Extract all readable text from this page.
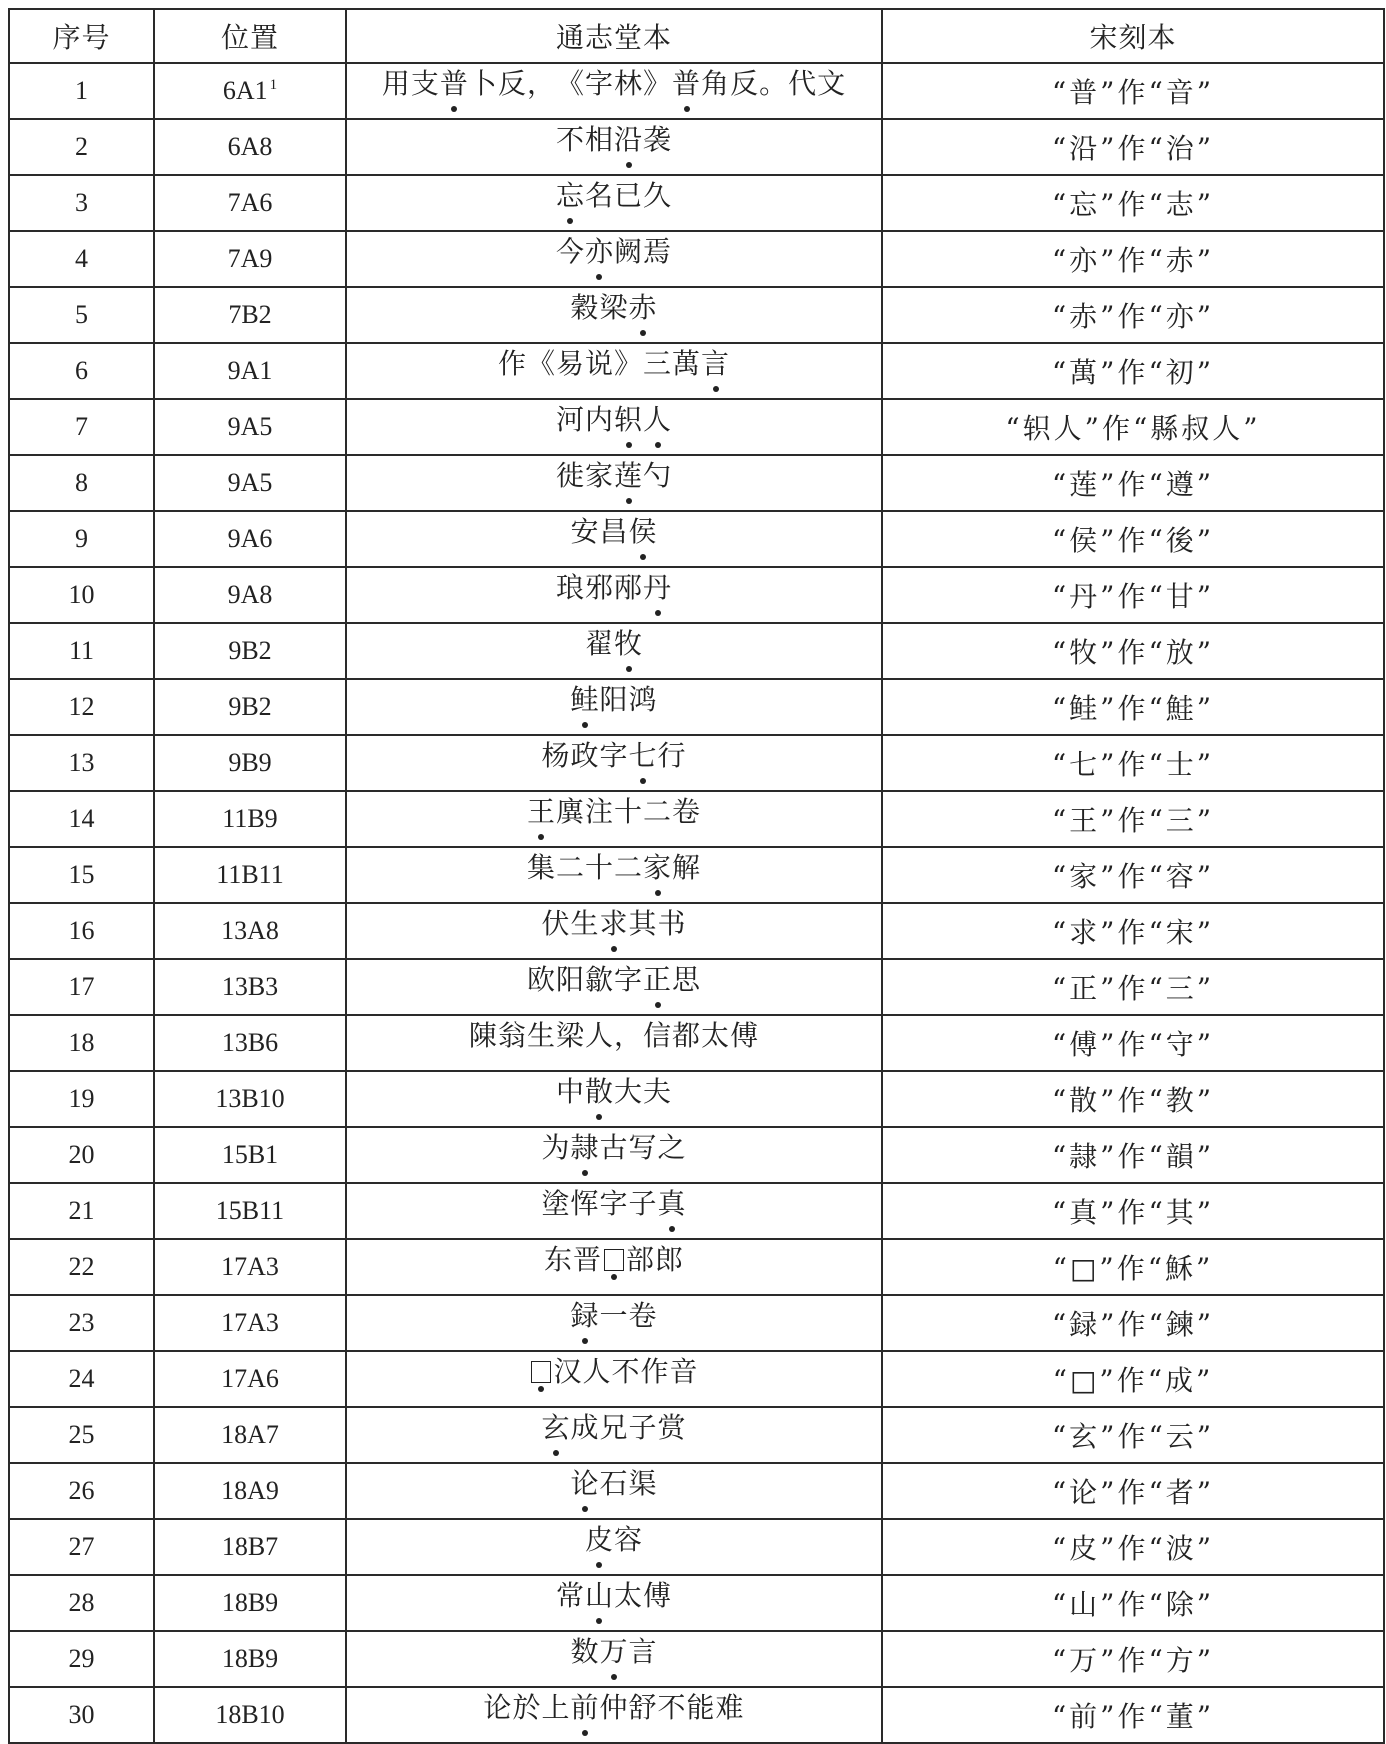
序号	位置	通志堂本	宋刻本
1	6A1 $^1$	用支普卜反，《字林》普角反。代文	“普”作“音”
2	6A8	不相沿袭	“沿”作“治”
3	7A6	忘名已久	“忘”作“志”
4	7A9	今亦阙焉	“亦”作“赤”
5	7B2	穀梁赤	“赤”作“亦”
6	9A1	作《易说》三萬言	“萬”作“初”
7	9A5	河内轵人	“轵人”作“縣叔人”
8	9A5	徙家莲勺	“莲”作“遵”
9	9A6	安昌侯	“侯”作“後”
10	9A8	琅邪邴丹	“丹”作“甘”
11	9B2	翟牧	“牧”作“放”
12	9B2	鲑阳鸿	“鲑”作“鮭”
13	9B9	杨政字七行	“七”作“士”
14	11B9	王廙注十二卷	“王”作“三”
15	11B11	集二十二家解	“家”作“容”
16	13A8	伏生求其书	“求”作“宋”
17	13B3	欧阳歙字正思	“正”作“三”
18	13B6	陳翁生梁人，信都太傅	“傅”作“守”
19	13B10	中散大夫	“散”作“教”
20	15B1	为隷古写之	“隷”作“韻”
21	15B11	塗恽字子真	“真”作“其”
22	17A3	东晋 部郎	“□”作“穌”
23	17A3	録一卷	“録”作“鍊”
24	17A6	汉人不作音	“□”作“成”
25	18A7	玄成兄子赏	“玄”作“云”
26	18A9	论石渠	“论”作“者”
27	18B7	皮容	“皮”作“波”
28	18B9	常山太傅	“山”作“除”
29	18B9	数万言	“万”作“方”
30	18B10	论於上前仲舒不能难	“前”作“董”
